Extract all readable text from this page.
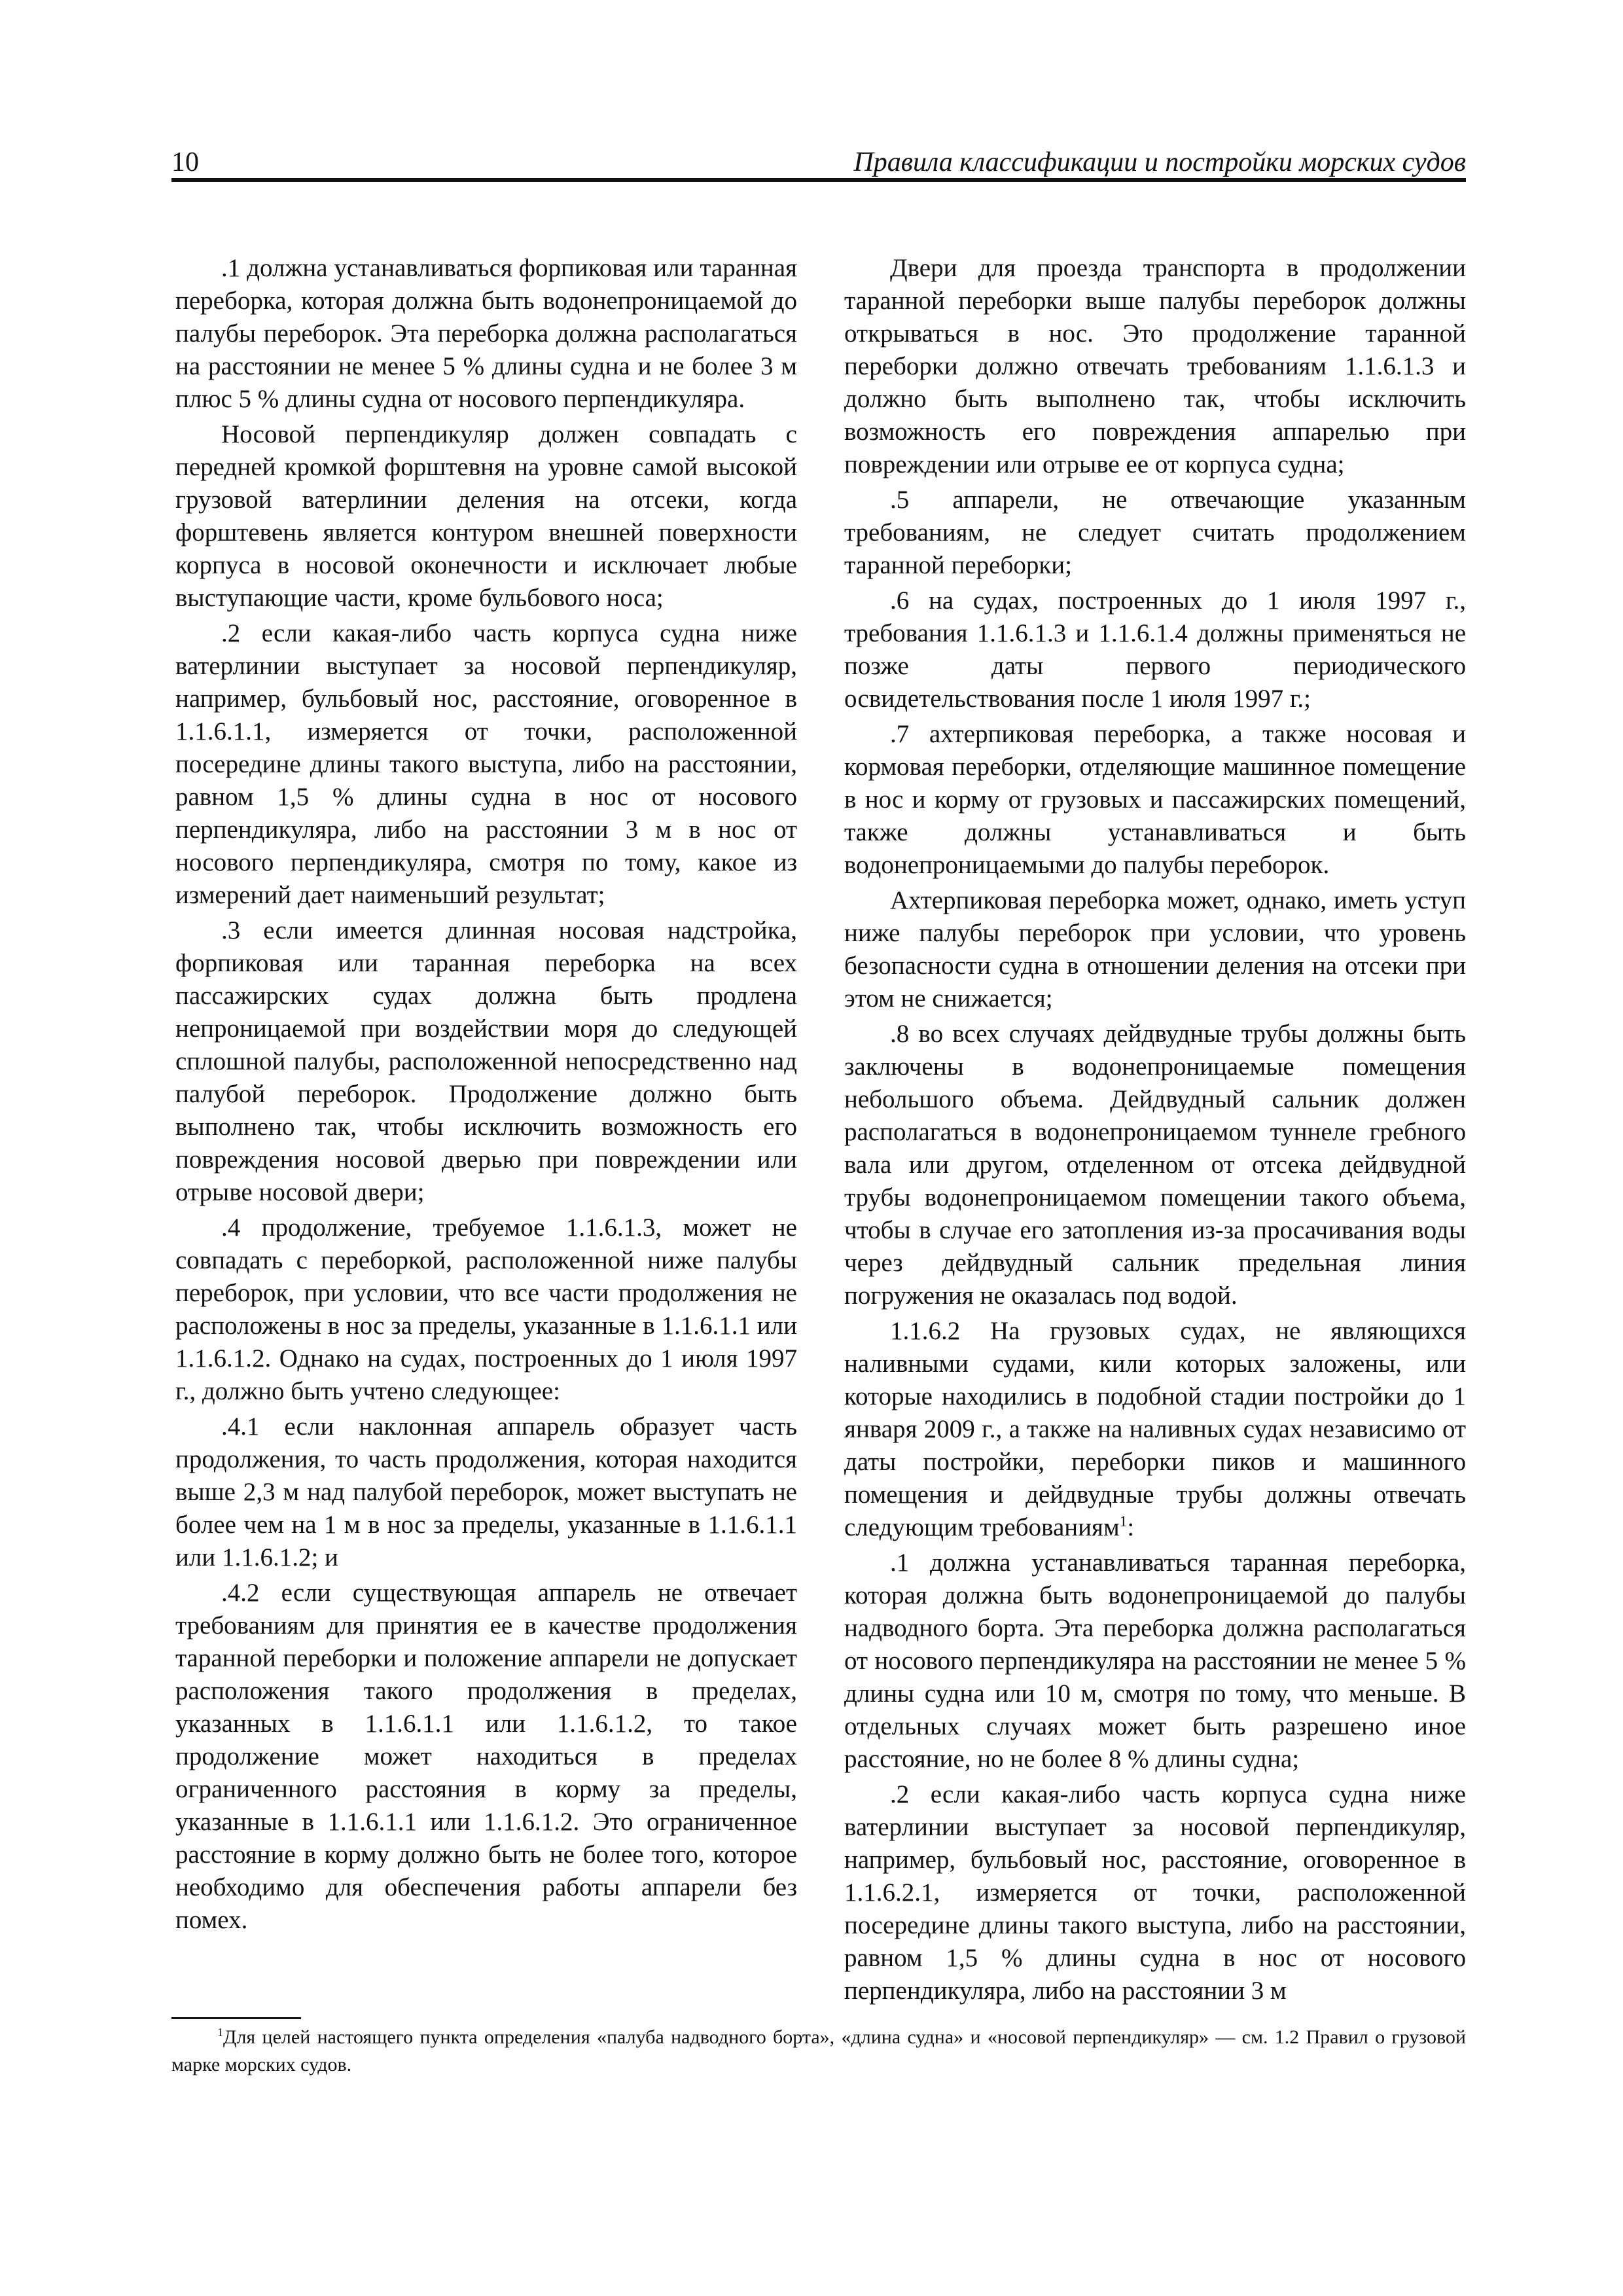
10	Правила классификации и постройки морских судов

.1 должна устанавливаться форпиковая или таранная переборка, которая должна быть водонепроницаемой до палубы переборок. Эта переборка должна располагаться на расстоянии не менее 5 % длины судна и не более 3 м плюс 5 % длины судна от носового перпендикуляра.

Носовой перпендикуляр должен совпадать с передней кромкой форштевня на уровне самой высокой грузовой ватерлинии деления на отсеки, когда форштевень является контуром внешней поверхности корпуса в носовой оконечности и исключает любые выступающие части, кроме бульбового носа;

.2 если какая-либо часть корпуса судна ниже ватерлинии выступает за носовой перпендикуляр, например, бульбовый нос, расстояние, оговоренное в 1.1.6.1.1, измеряется от точки, расположенной посередине длины такого выступа, либо на расстоянии, равном 1,5 % длины судна в нос от носового перпендикуляра, либо на расстоянии 3 м в нос от носового перпендикуляра, смотря по тому, какое из измерений дает наименьший результат;

.3 если имеется длинная носовая надстройка, форпиковая или таранная переборка на всех пассажирских судах должна быть продлена непроницаемой при воздействии моря до следующей сплошной палубы, расположенной непосредственно над палубой переборок. Продолжение должно быть выполнено так, чтобы исключить возможность его повреждения носовой дверью при повреждении или отрыве носовой двери;

.4 продолжение, требуемое 1.1.6.1.3, может не совпадать с переборкой, расположенной ниже палубы переборок, при условии, что все части продолжения не расположены в нос за пределы, указанные в 1.1.6.1.1 или 1.1.6.1.2. Однако на судах, построенных до 1 июля 1997 г., должно быть учтено следующее:

.4.1 если наклонная аппарель образует часть продолжения, то часть продолжения, которая находится выше 2,3 м над палубой переборок, может выступать не более чем на 1 м в нос за пределы, указанные в 1.1.6.1.1 или 1.1.6.1.2; и

.4.2 если существующая аппарель не отвечает требованиям для принятия ее в качестве продолжения таранной переборки и положение аппарели не допускает расположения такого продолжения в пределах, указанных в 1.1.6.1.1 или 1.1.6.1.2, то такое продолжение может находиться в пределах ограниченного расстояния в корму за пределы, указанные в 1.1.6.1.1 или 1.1.6.1.2. Это ограниченное расстояние в корму должно быть не более того, которое необходимо для обеспечения работы аппарели без помех.

Двери для проезда транспорта в продолжении таранной переборки выше палубы переборок должны открываться в нос. Это продолжение таранной переборки должно отвечать требованиям 1.1.6.1.3 и должно быть выполнено так, чтобы исключить возможность его повреждения аппарелью при повреждении или отрыве ее от корпуса судна;

.5 аппарели, не отвечающие указанным требованиям, не следует считать продолжением таранной переборки;

.6 на судах, построенных до 1 июля 1997 г., требования 1.1.6.1.3 и 1.1.6.1.4 должны применяться не позже даты первого периодического освидетельствования после 1 июля 1997 г.;

.7 ахтерпиковая переборка, а также носовая и кормовая переборки, отделяющие машинное помещение в нос и корму от грузовых и пассажирских помещений, также должны устанавливаться и быть водонепроницаемыми до палубы переборок.

Ахтерпиковая переборка может, однако, иметь уступ ниже палубы переборок при условии, что уровень безопасности судна в отношении деления на отсеки при этом не снижается;

.8 во всех случаях дейдвудные трубы должны быть заключены в водонепроницаемые помещения небольшого объема. Дейдвудный сальник должен располагаться в водонепроницаемом туннеле гребного вала или другом, отделенном от отсека дейдвудной трубы водонепроницаемом помещении такого объема, чтобы в случае его затопления из-за просачивания воды через дейдвудный сальник предельная линия погружения не оказалась под водой.

1.1.6.2 На грузовых судах, не являющихся наливными судами, кили которых заложены, или которые находились в подобной стадии постройки до 1 января 2009 г., а также на наливных судах независимо от даты постройки, переборки пиков и машинного помещения и дейдвудные трубы должны отвечать следующим требованиям$^1$:

.1 должна устанавливаться таранная переборка, которая должна быть водонепроницаемой до палубы надводного борта. Эта переборка должна располагаться от носового перпендикуляра на расстоянии не менее 5 % длины судна или 10 м, смотря по тому, что меньше. В отдельных случаях может быть разрешено иное расстояние, но не более 8 % длины судна;

.2 если какая-либо часть корпуса судна ниже ватерлинии выступает за носовой перпендикуляр, например, бульбовый нос, расстояние, оговоренное в 1.1.6.2.1, измеряется от точки, расположенной посередине длины такого выступа, либо на расстоянии, равном 1,5 % длины судна в нос от носового перпендикуляра, либо на расстоянии 3 м

$^1$Для целей настоящего пункта определения «палуба надводного борта», «длина судна» и «носовой перпендикуляр» — см. 1.2 Правил о грузовой марке морских судов.
